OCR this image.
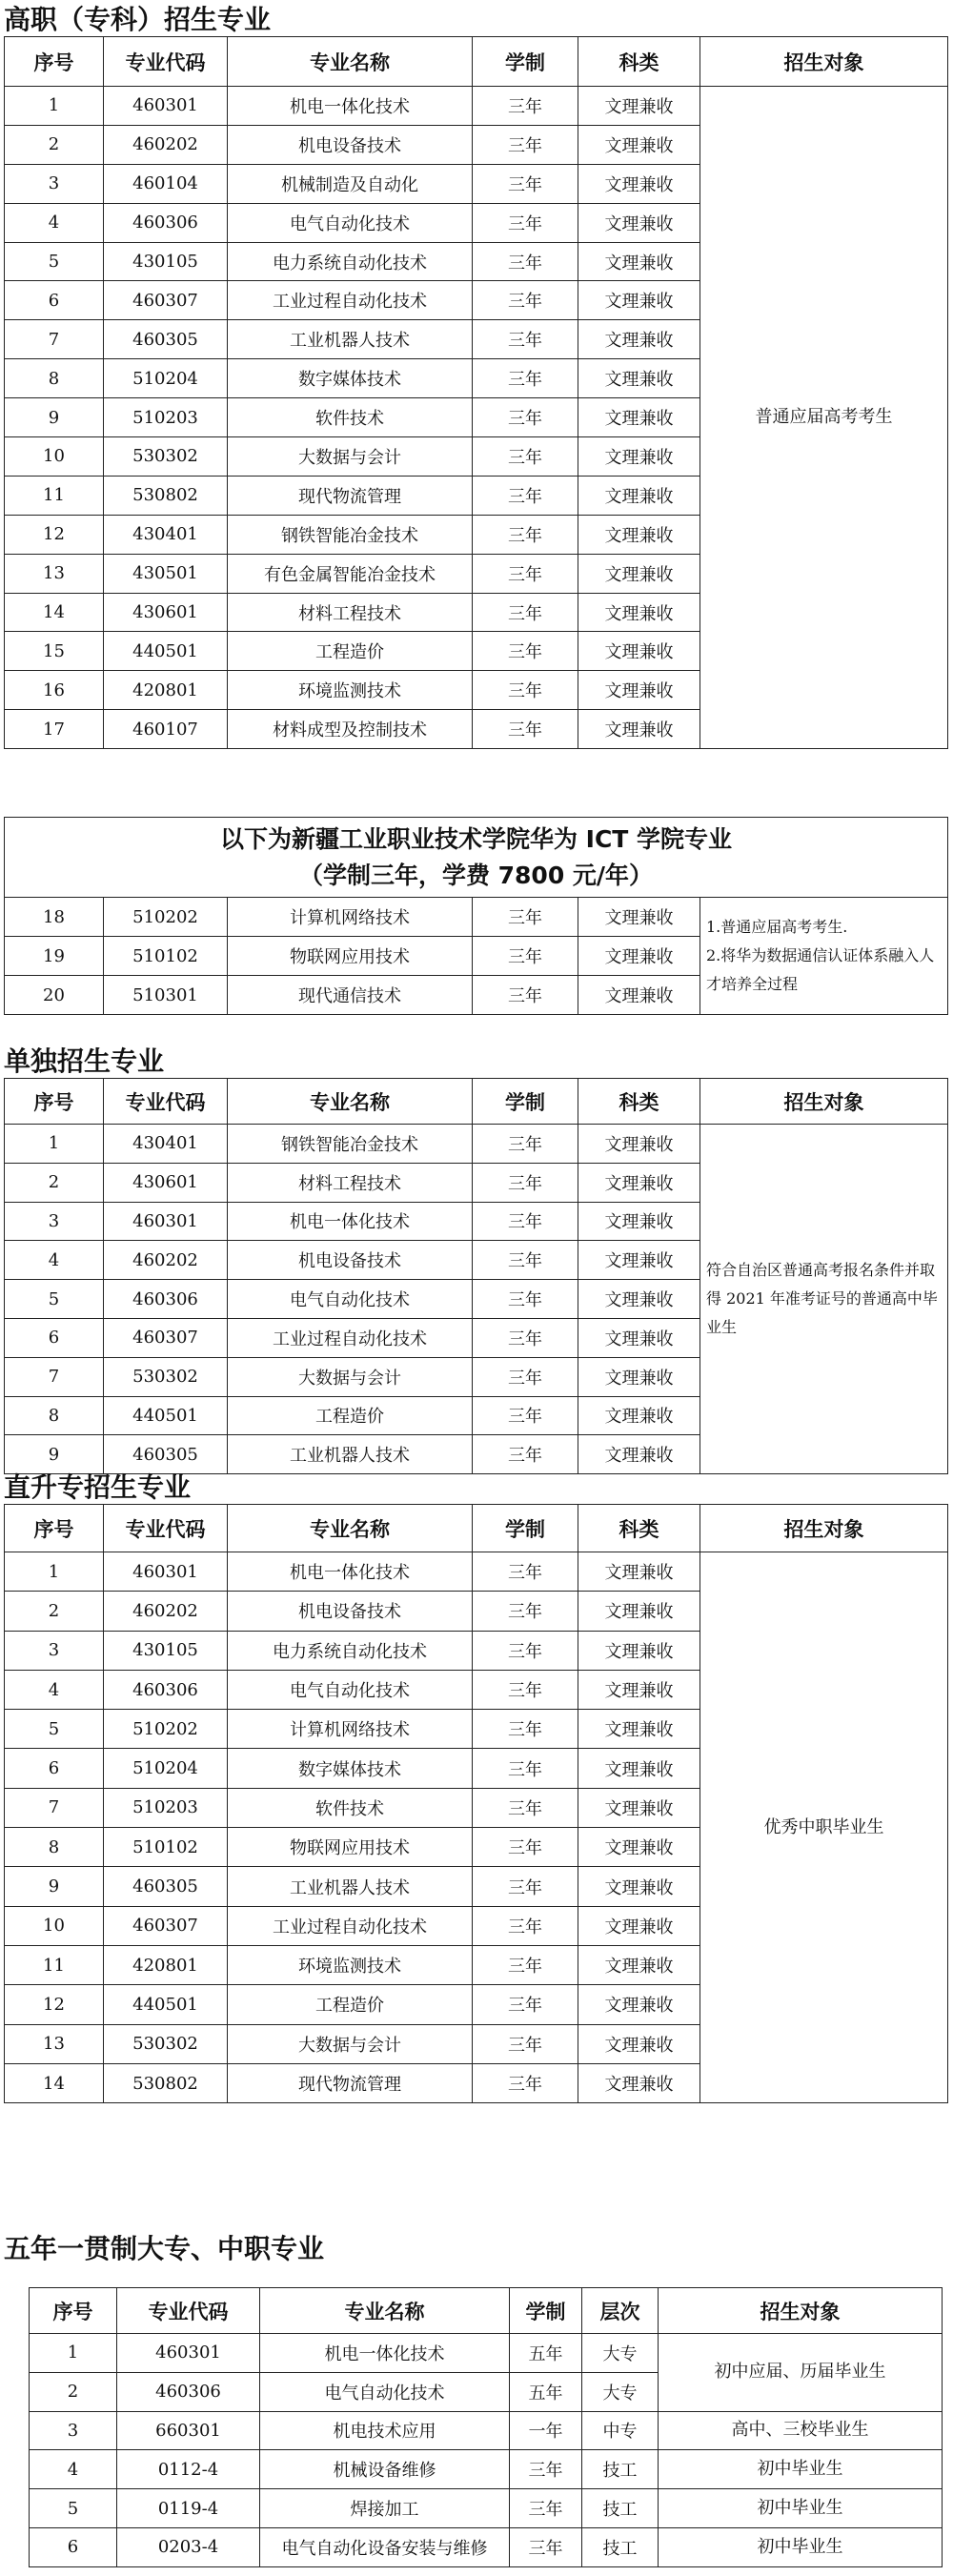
高职（专科）招生专业
序号	专业代码	专业名称	学制	科类	招生对象
1	460301	机电一体化技术	三年	文理兼收	普通应届高考考生
2	460202	机电设备技术	三年	文理兼收	
3	460104	机械制造及自动化	三年	文理兼收	
4	460306	电气自动化技术	三年	文理兼收	
5	430105	电力系统自动化技术	三年	文理兼收	
6	460307	工业过程自动化技术	三年	文理兼收	
7	460305	工业机器人技术	三年	文理兼收	
8	510204	数字媒体技术	三年	文理兼收	
9	510203	软件技术	三年	文理兼收	
10	530302	大数据与会计	三年	文理兼收	
11	530802	现代物流管理	三年	文理兼收	
12	430401	钢铁智能冶金技术	三年	文理兼收	
13	430501	有色金属智能冶金技术	三年	文理兼收	
14	430601	材料工程技术	三年	文理兼收	
15	440501	工程造价	三年	文理兼收	
16	420801	环境监测技术	三年	文理兼收	
17	460107	材料成型及控制技术	三年	文理兼收	
以下为新疆工业职业技术学院华为 ICT 学院专业
（学制三年，学费 7800 元/年）					

18	510202	计算机网络技术	三年	文理兼收	1.普通应届高考考生.
2.将华为数据通信认证体系融入人才培养全过程

19	510102	物联网应用技术	三年	文理兼收	
20	510301	现代通信技术	三年	文理兼收	
单独招生专业
序号	专业代码	专业名称	学制	科类	招生对象
1	430401	钢铁智能冶金技术	三年	文理兼收	符合自治区普通高考报名条件并取得 2021 年准考证号的普通高中毕业生
2	430601	材料工程技术	三年	文理兼收	
3	460301	机电一体化技术	三年	文理兼收	
4	460202	机电设备技术	三年	文理兼收	
5	460306	电气自动化技术	三年	文理兼收	
6	460307	工业过程自动化技术	三年	文理兼收	
7	530302	大数据与会计	三年	文理兼收	
8	440501	工程造价	三年	文理兼收	
9	460305	工业机器人技术	三年	文理兼收	
直升专招生专业
序号	专业代码	专业名称	学制	科类	招生对象
1	460301	机电一体化技术	三年	文理兼收	优秀中职毕业生
2	460202	机电设备技术	三年	文理兼收	
3	430105	电力系统自动化技术	三年	文理兼收	
4	460306	电气自动化技术	三年	文理兼收	
5	510202	计算机网络技术	三年	文理兼收	
6	510204	数字媒体技术	三年	文理兼收	
7	510203	软件技术	三年	文理兼收	
8	510102	物联网应用技术	三年	文理兼收	
9	460305	工业机器人技术	三年	文理兼收	
10	460307	工业过程自动化技术	三年	文理兼收	
11	420801	环境监测技术	三年	文理兼收	
12	440501	工程造价	三年	文理兼收	
13	530302	大数据与会计	三年	文理兼收	
14	530802	现代物流管理	三年	文理兼收	
五年一贯制大专、中职专业
序号	专业代码	专业名称	学制	层次	招生对象
1	460301	机电一体化技术	五年	大专	初中应届、历届毕业生
2	460306	电气自动化技术	五年	大专	
3	660301	机电技术应用	一年	中专	高中、三校毕业生
4	0112-4	机械设备维修	三年	技工	初中毕业生
5	0119-4	焊接加工	三年	技工	初中毕业生
6	0203-4	电气自动化设备安装与维修	三年	技工	初中毕业生
